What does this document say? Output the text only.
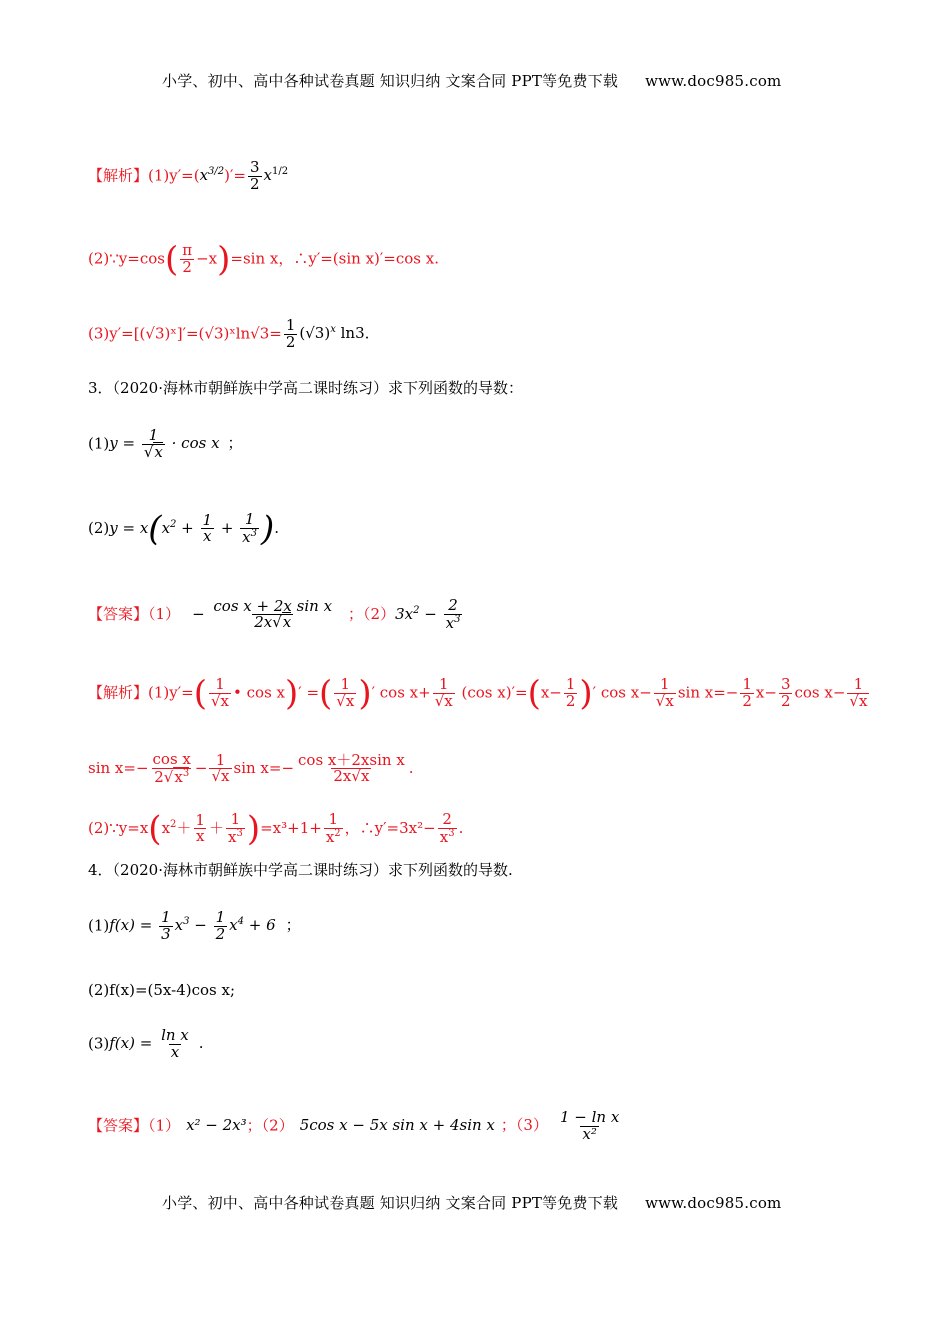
小学、初中、高中各种试卷真题 知识归纳 文案合同 PPT等免费下载 www.doc985.com
【解析】$(1)y'=(x^{3/2})'= \frac{3}{2} x^{1/2}$
(2)∵y=cos( $\frac{\pi}{2} -x)=\sin$ x，∴y′=(sin x)′=cos x.
(3)y′=[(√3)ˣ]′=(√3)ˣln√3= $\frac{1}{2} (√3)^x$ ln3.
3．（2020·海林市朝鲜族中学高二课时练习）求下列函数的导数：
$(1)y = \frac{1}{√x} \cdot \cos x$ ；
$(2)y = x(x^2 + \frac{1}{x} + \frac{1}{x^3}$ ).
【答案】$(1) - \frac{\text{cos x + 2x sin x}}{2x√x}$ ；$(2)3x^2 - \frac{2}{x^3}$
【解析】$(1)y'=( \frac{1}{√x}$ • cos x)′ =( $\frac{1}{√x}$ )′ $\cos x+ \frac{1}{√x} (\cos$ $x)'=(x- \frac{1}{2}$ )′ $\cos x- \frac{1}{√x}$ $\sin x=- \frac{1}{2} x- \frac{3}{2}$ $\cos x- \frac{1}{√x}$
$\sin x=- \frac{\text{cos x}}{2√x^3} - \frac{1}{√x}$ $\sin x=- \frac{\text{cos x＋2xsin x}}{2x√x}$ .
$(2)\because y=x(x^2+ \frac{1}{x} + \frac{1}{x^3} )=x^3+1+ \frac{1}{x^2}$ ，∴y′=3x²− $\frac{2}{x^3}$ .
4．（2020·海林市朝鲜族中学高二课时练习）求下列函数的导数.
$(1)f(x) = \frac{1}{3} x^3 - \frac{1}{2} x^4 + 6$ ；
(2)f(x)=(5x-4)cos x;
$(3)f(x) = \frac{\text{ln x}}{x}$ .
【答案】（1） x² − 2x³；（2） 5cos x − 5x sin x + 4sin x ；$(3) \frac{\text{1 − ln x}}{\text{x²}}$
小学、初中、高中各种试卷真题 知识归纳 文案合同 PPT等免费下载 www.doc985.com
